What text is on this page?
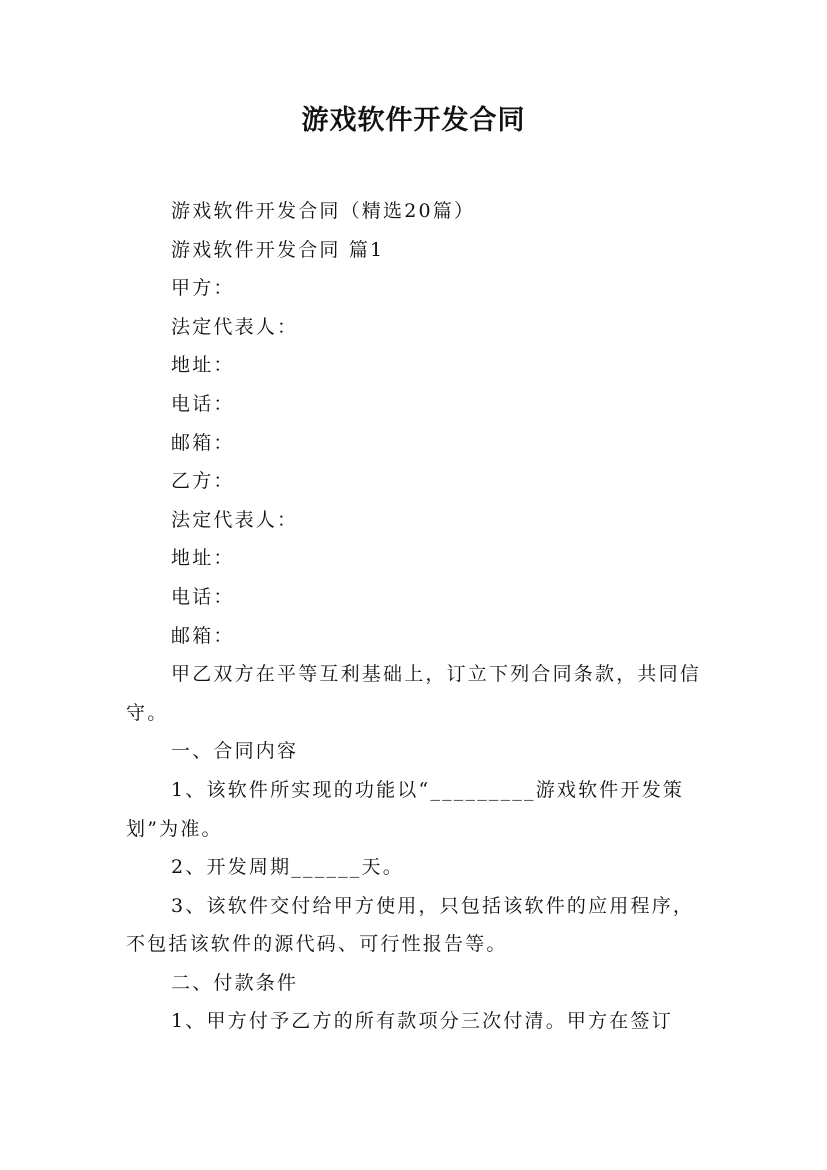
游戏软件开发合同

游戏软件开发合同（精选20篇）

游戏软件开发合同 篇1

甲方：

法定代表人：

地址：

电话：

邮箱：

乙方：

法定代表人：

地址：

电话：

邮箱：

甲乙双方在平等互利基础上，订立下列合同条款，共同信守。

一、合同内容

1、该软件所实现的功能以“_________游戏软件开发策划”为准。

2、开发周期______天。

3、该软件交付给甲方使用，只包括该软件的应用程序，不包括该软件的源代码、可行性报告等。

二、付款条件

1、甲方付予乙方的所有款项分三次付清。甲方在签订
